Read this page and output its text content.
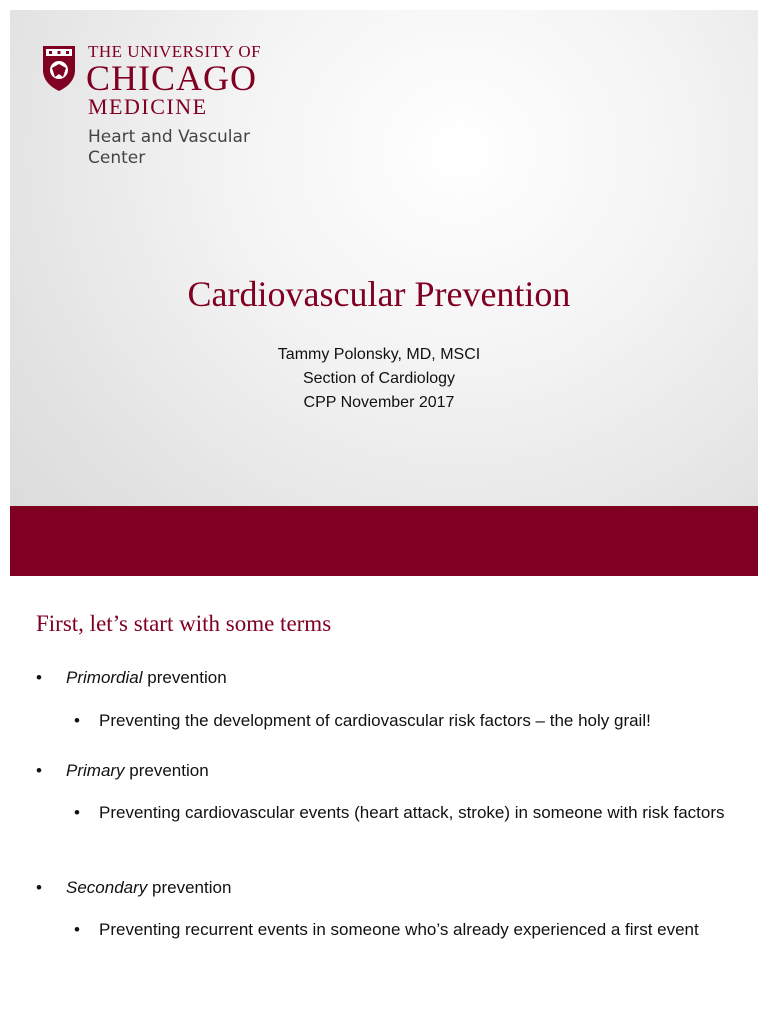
THE UNIVERSITY OF
CHICAGO
MEDICINE
Heart and Vascular
Center
Cardiovascular Prevention
Tammy Polonsky, MD, MSCI
Section of Cardiology
CPP November 2017
First, let’s start with some terms
• Primordial prevention
• Preventing the development of cardiovascular risk factors – the holy grail!
• Primary prevention
• Preventing cardiovascular events (heart attack, stroke) in someone with risk factors
• Secondary prevention
• Preventing recurrent events in someone who’s already experienced a first event
